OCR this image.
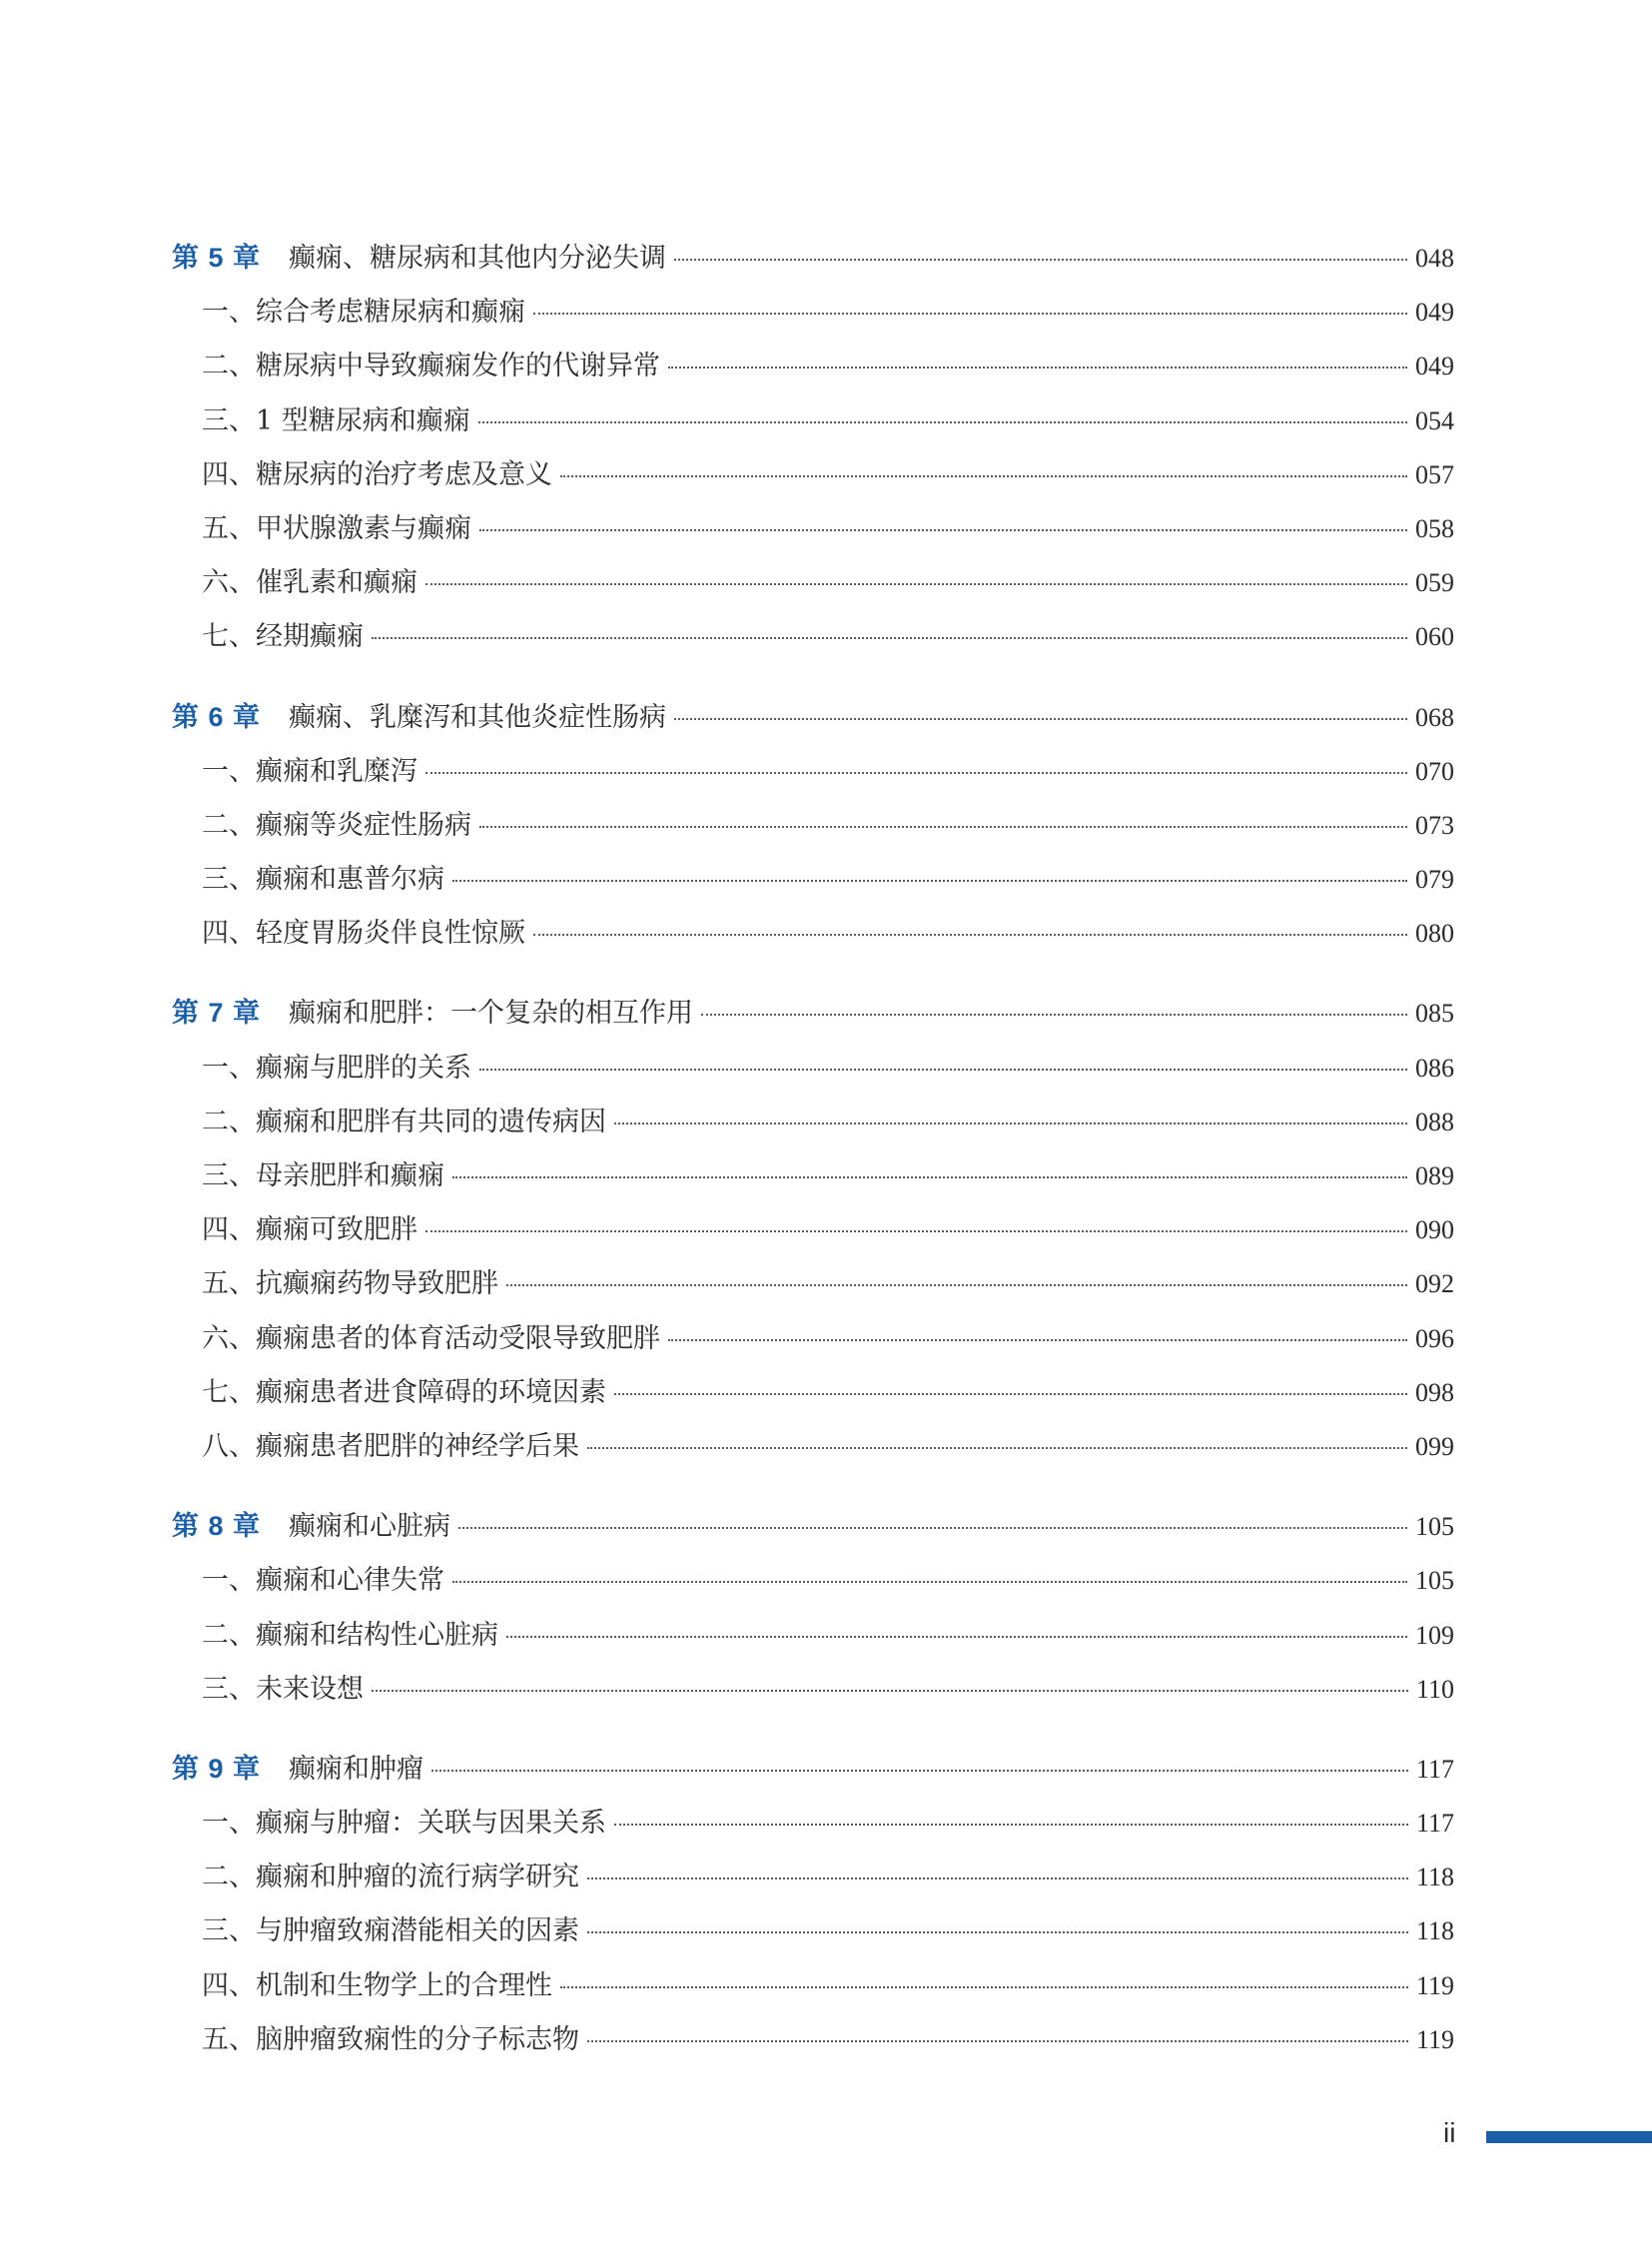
第 5 章 癫痫、糖尿病和其他内分泌失调	048
一、综合考虑糖尿病和癫痫	049
二、糖尿病中导致癫痫发作的代谢异常	049
三、1 型糖尿病和癫痫	054
四、糖尿病的治疗考虑及意义	057
五、甲状腺激素与癫痫	058
六、催乳素和癫痫	059
七、经期癫痫	060
第 6 章 癫痫、乳糜泻和其他炎症性肠病	068
一、癫痫和乳糜泻	070
二、癫痫等炎症性肠病	073
三、癫痫和惠普尔病	079
四、轻度胃肠炎伴良性惊厥	080
第 7 章 癫痫和肥胖：一个复杂的相互作用	085
一、癫痫与肥胖的关系	086
二、癫痫和肥胖有共同的遗传病因	088
三、母亲肥胖和癫痫	089
四、癫痫可致肥胖	090
五、抗癫痫药物导致肥胖	092
六、癫痫患者的体育活动受限导致肥胖	096
七、癫痫患者进食障碍的环境因素	098
八、癫痫患者肥胖的神经学后果	099
第 8 章 癫痫和心脏病	105
一、癫痫和心律失常	105
二、癫痫和结构性心脏病	109
三、未来设想	110
第 9 章 癫痫和肿瘤	117
一、癫痫与肿瘤：关联与因果关系	117
二、癫痫和肿瘤的流行病学研究	118
三、与肿瘤致痫潜能相关的因素	118
四、机制和生物学上的合理性	119
五、脑肿瘤致痫性的分子标志物	119
ii
